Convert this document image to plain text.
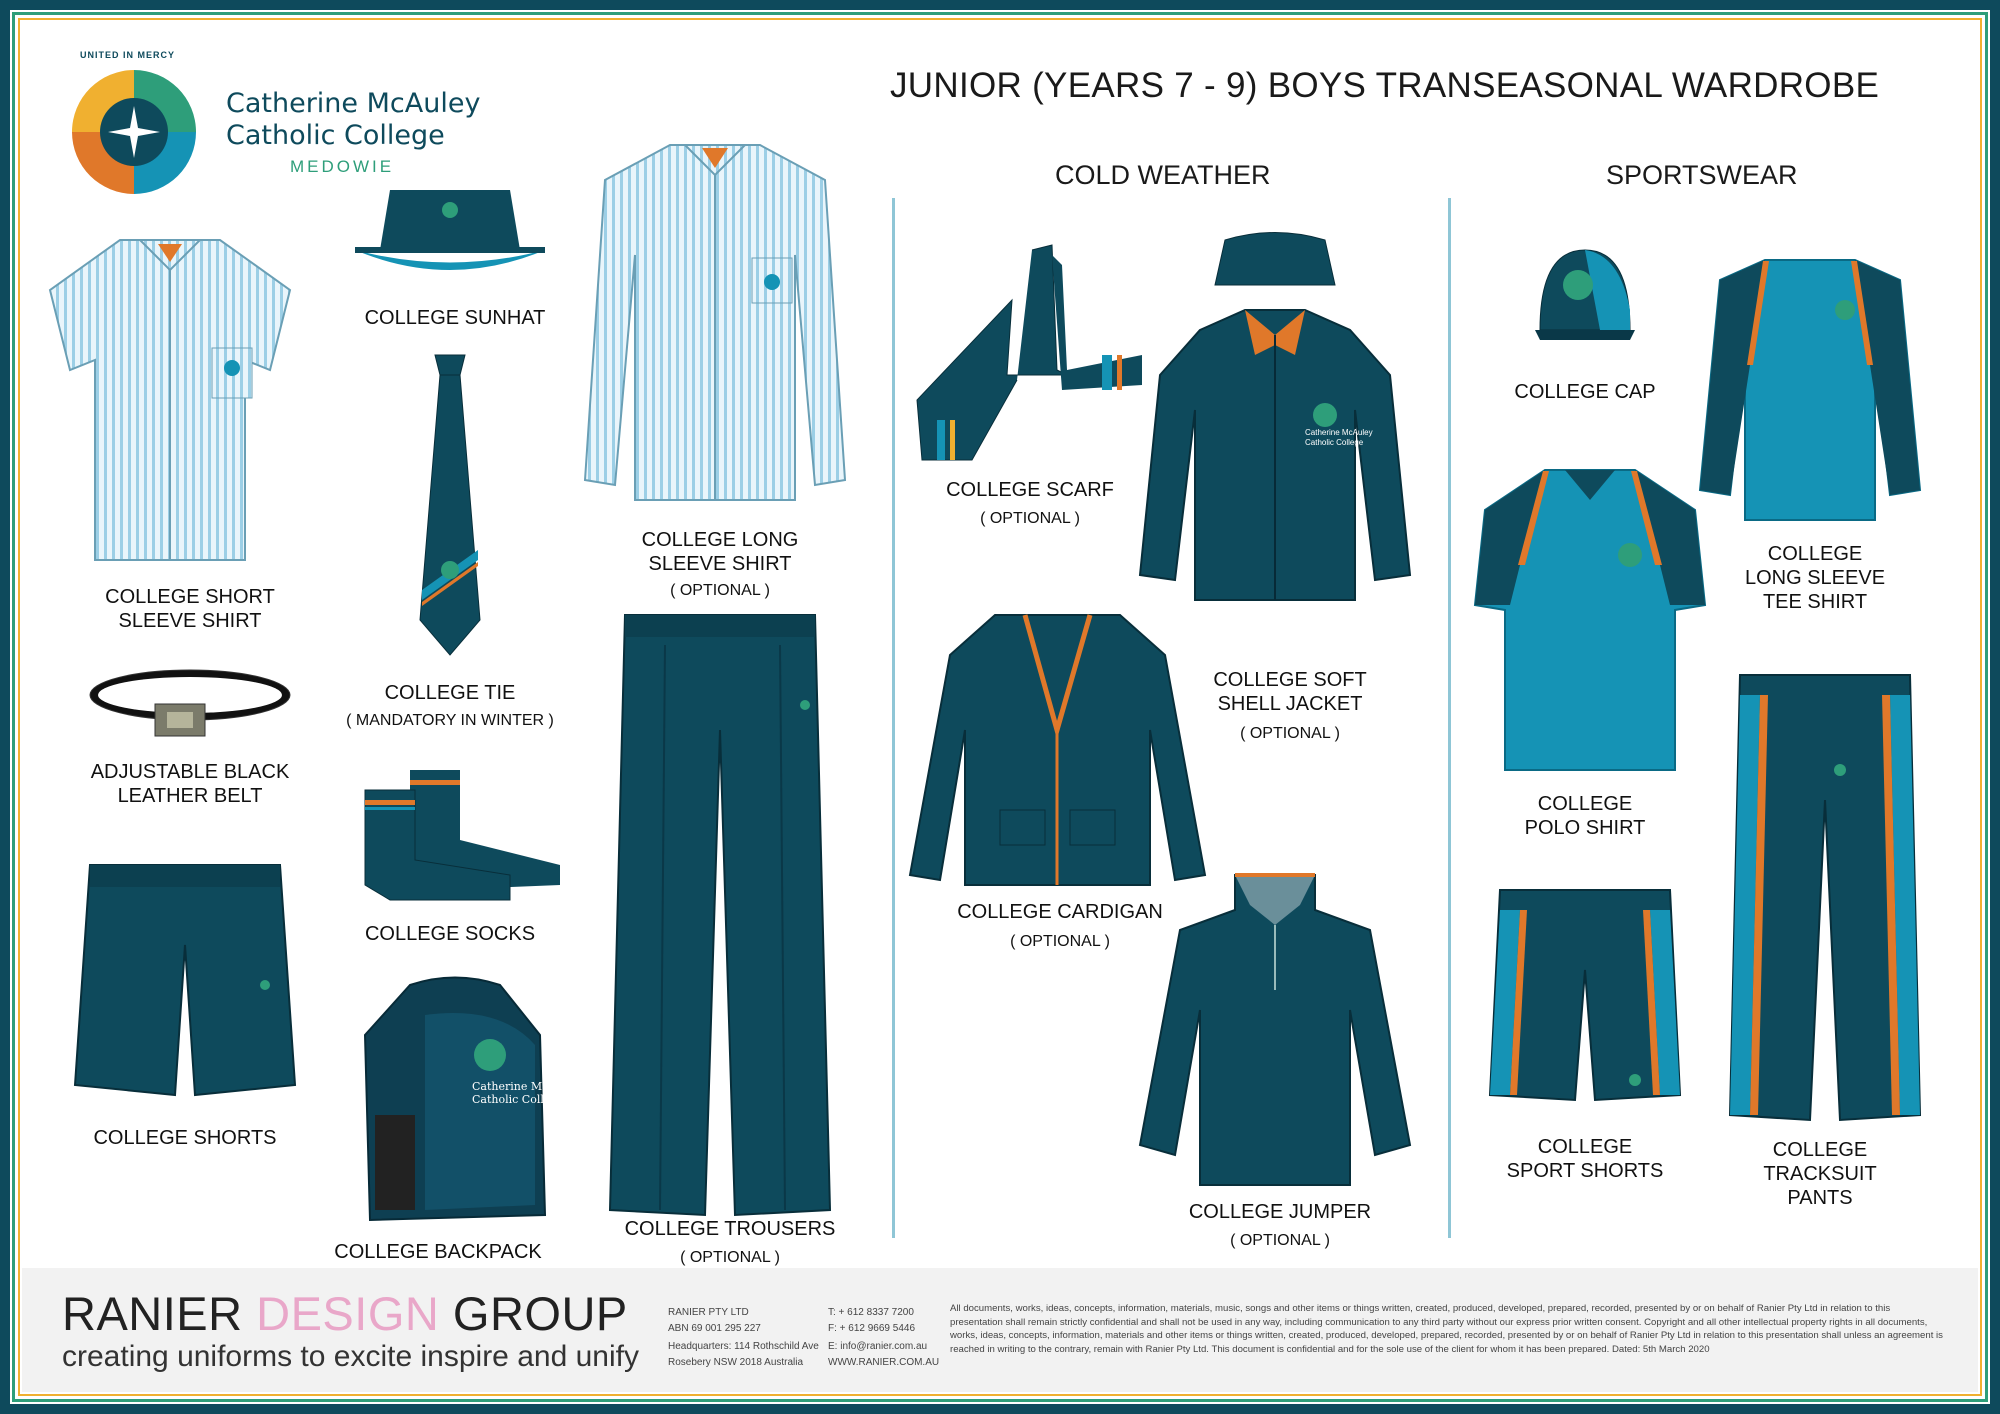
UNITED IN MERCY
Catherine McAuley
Catholic College
MEDOWIE
JUNIOR (YEARS 7 - 9) BOYS TRANSEASONAL WARDROBE
COLD WEATHER	SPORTSWEAR
COLLEGE SHORT
SLEEVE SHIRT
ADJUSTABLE BLACK
LEATHER BELT
COLLEGE SHORTS
COLLEGE SUNHAT
COLLEGE TIE
( MANDATORY IN WINTER )
COLLEGE SOCKS
Catherine McAuley
Catholic College
COLLEGE BACKPACK
COLLEGE LONG
SLEEVE SHIRT
( OPTIONAL )
COLLEGE TROUSERS
( OPTIONAL )
COLLEGE SCARF
( OPTIONAL )
Catherine McAuley
Catholic College
COLLEGE SOFT
SHELL JACKET
( OPTIONAL )
COLLEGE CARDIGAN
( OPTIONAL )
COLLEGE JUMPER
( OPTIONAL )
COLLEGE CAP
COLLEGE
LONG SLEEVE
TEE SHIRT
COLLEGE
POLO SHIRT
COLLEGE
SPORT SHORTS
COLLEGE
TRACKSUIT
PANTS
RANIER DESIGN GROUP
creating uniforms to excite inspire and unify
RANIER PTY LTD
ABN 69 001 295 227
Headquarters: 114 Rothschild Ave
Rosebery NSW 2018 Australia
T: + 612 8337 7200
F: + 612 9669 5446
E: info@ranier.com.au
WWW.RANIER.COM.AU
All documents, works, ideas, concepts, information, materials, music, songs and other items or things written, created, produced, developed, prepared, recorded, presented by or on behalf of Ranier Pty Ltd in relation to this presentation shall remain strictly confidential and shall not be used in any way, including communication to any third party without our express prior written consent. Copyright and all other intellectual property rights in all documents, works, ideas, concepts, information, materials and other items or things written, created, produced, developed, prepared, recorded, presented by or on behalf of Ranier Pty Ltd in relation to this presentation shall unless an agreement is reached in writing to the contrary, remain with Ranier Pty Ltd. This document is confidential and for the sole use of the client for whom it has been prepared. Dated: 5th March 2020
